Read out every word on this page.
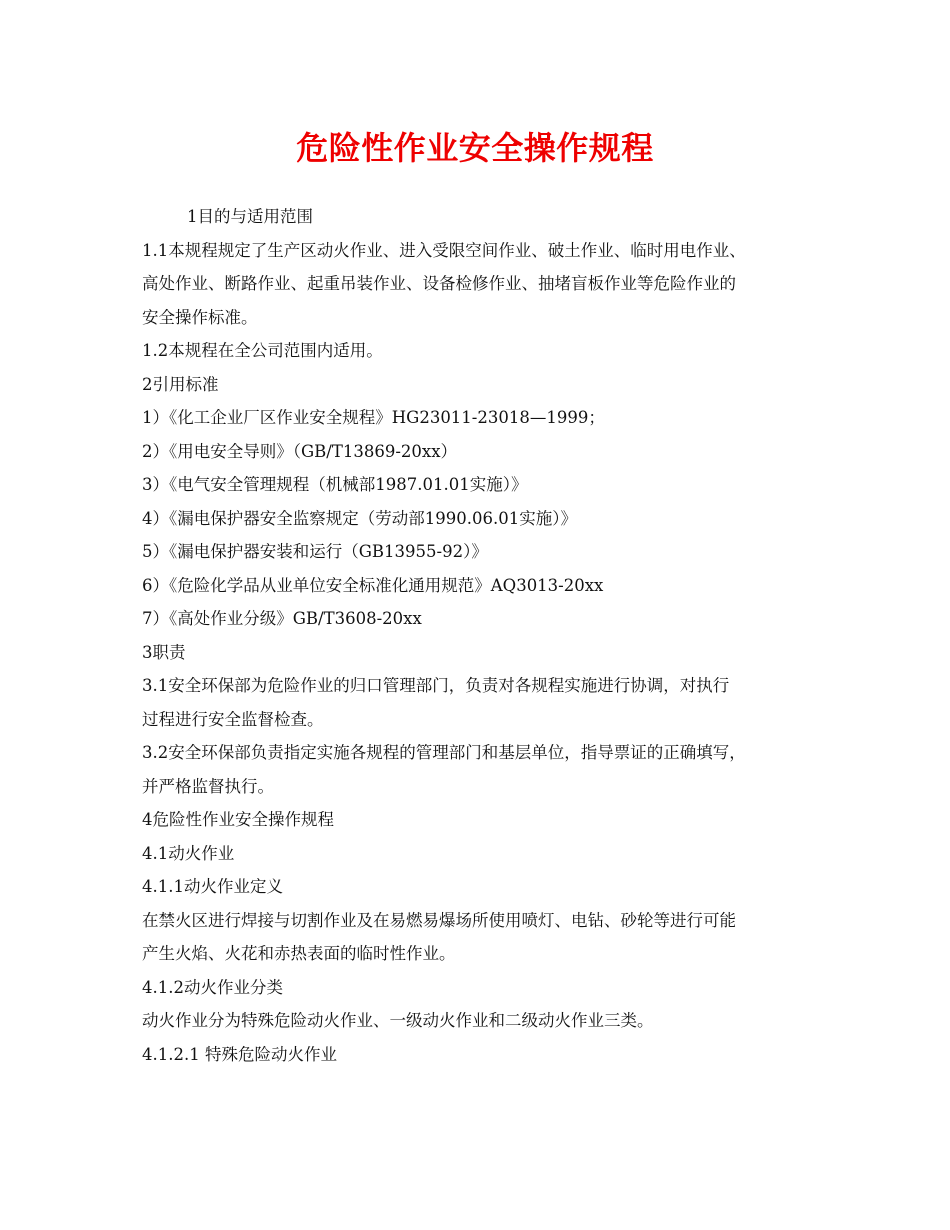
危险性作业安全操作规程

1目的与适用范围

1.1本规程规定了生产区动火作业、进入受限空间作业、破土作业、临时用电作业、

高处作业、断路作业、起重吊装作业、设备检修作业、抽堵盲板作业等危险作业的

安全操作标准。

1.2本规程在全公司范围内适用。

2引用标准

1）《化工企业厂区作业安全规程》HG23011-23018—1999；

2）《用电安全导则》（GB/T13869-20xx）

3）《电气安全管理规程（机械部1987.01.01实施）》

4）《漏电保护器安全监察规定（劳动部1990.06.01实施）》

5）《漏电保护器安装和运行（GB13955-92）》

6）《危险化学品从业单位安全标准化通用规范》AQ3013-20xx

7）《高处作业分级》GB/T3608-20xx

3职责

3.1安全环保部为危险作业的归口管理部门，负责对各规程实施进行协调，对执行

过程进行安全监督检查。

3.2安全环保部负责指定实施各规程的管理部门和基层单位，指导票证的正确填写，

并严格监督执行。

4危险性作业安全操作规程

4.1动火作业

4.1.1动火作业定义

在禁火区进行焊接与切割作业及在易燃易爆场所使用喷灯、电钻、砂轮等进行可能

产生火焰、火花和赤热表面的临时性作业。

4.1.2动火作业分类

动火作业分为特殊危险动火作业、一级动火作业和二级动火作业三类。

4.1.2.1 特殊危险动火作业
